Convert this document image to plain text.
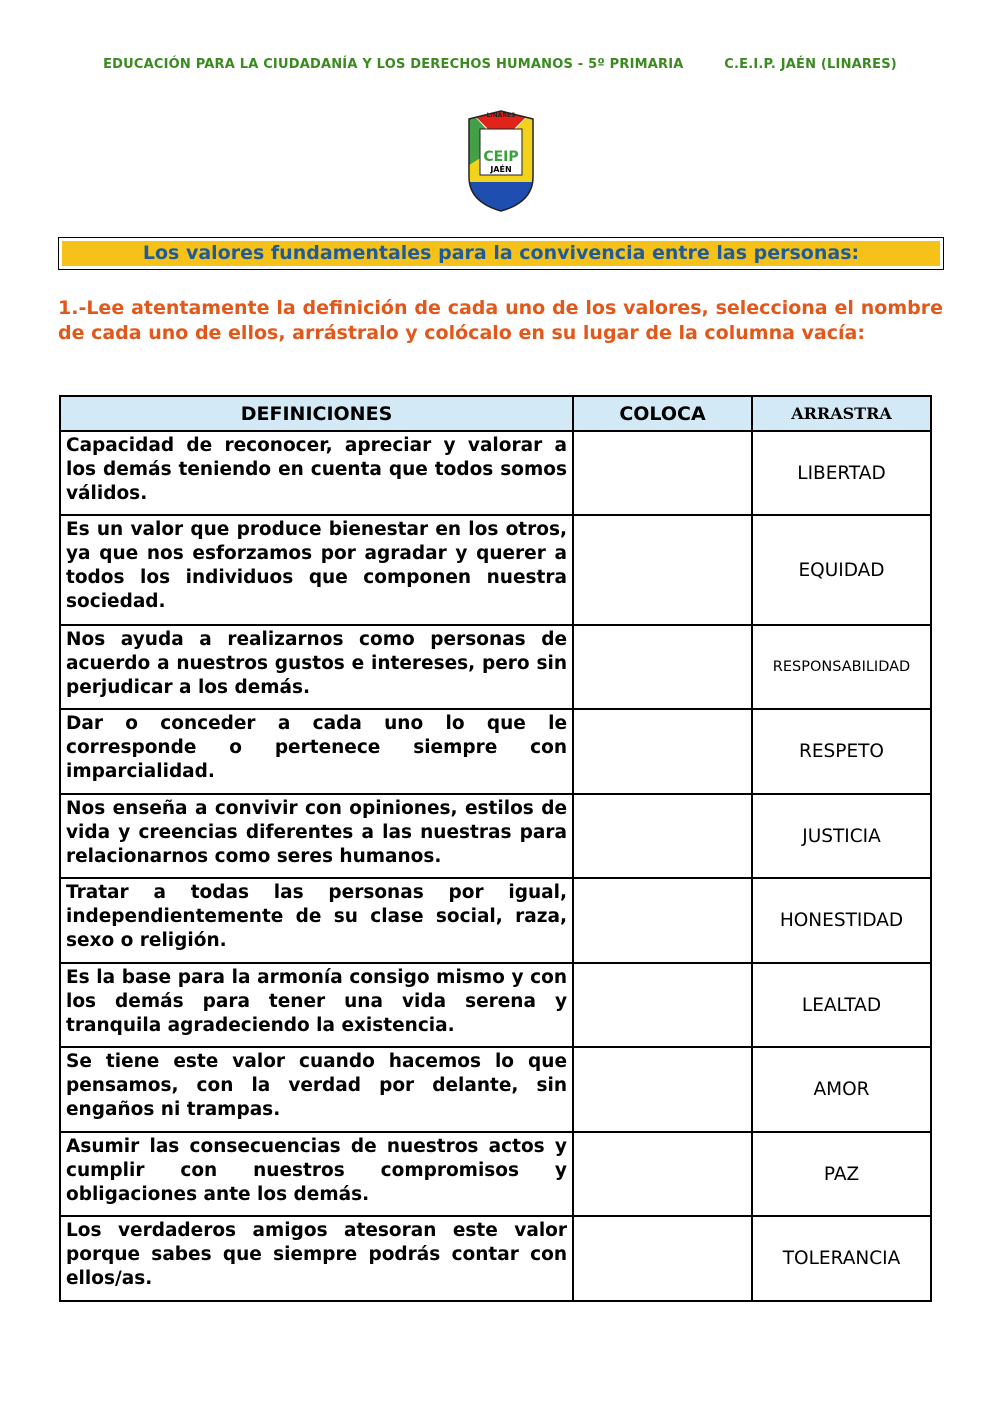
EDUCACIÓN PARA LA CIUDADANÍA Y LOS DERECHOS HUMANOS - 5º PRIMARIA	C.E.I.P. JAÉN (LINARES)
LINARES
CEIP
JAÉN
Los valores fundamentales para la convivencia entre las personas:
1.-Lee atentamente la definición de cada uno de los valores, selecciona el nombre de cada uno de ellos, arrástralo y colócalo en su lugar de la columna vacía:
DEFINICIONES	COLOCA	ARRASTRA
Capacidad de reconocer, apreciar y valorar a los demás teniendo en cuenta que todos somos válidos.		LIBERTAD
Es un valor que produce bienestar en los otros, ya que nos esforzamos por agradar y querer a todos los individuos que componen nuestra sociedad.		EQUIDAD
Nos ayuda a realizarnos como personas de acuerdo a nuestros gustos e intereses, pero sin perjudicar a los demás.		RESPONSABILIDAD
Dar o conceder a cada uno lo que le corresponde o pertenece siempre con imparcialidad.		RESPETO
Nos enseña a convivir con opiniones, estilos de vida y creencias diferentes a las nuestras para relacionarnos como seres humanos.		JUSTICIA
Tratar a todas las personas por igual, independientemente de su clase social, raza, sexo o religión.		HONESTIDAD
Es la base para la armonía consigo mismo y con los demás para tener una vida serena y tranquila agradeciendo la existencia.		LEALTAD
Se tiene este valor cuando hacemos lo que pensamos, con la verdad por delante, sin engaños ni trampas.		AMOR
Asumir las consecuencias de nuestros actos y cumplir con nuestros compromisos y obligaciones ante los demás.		PAZ
Los verdaderos amigos atesoran este valor porque sabes que siempre podrás contar con ellos/as.		TOLERANCIA
